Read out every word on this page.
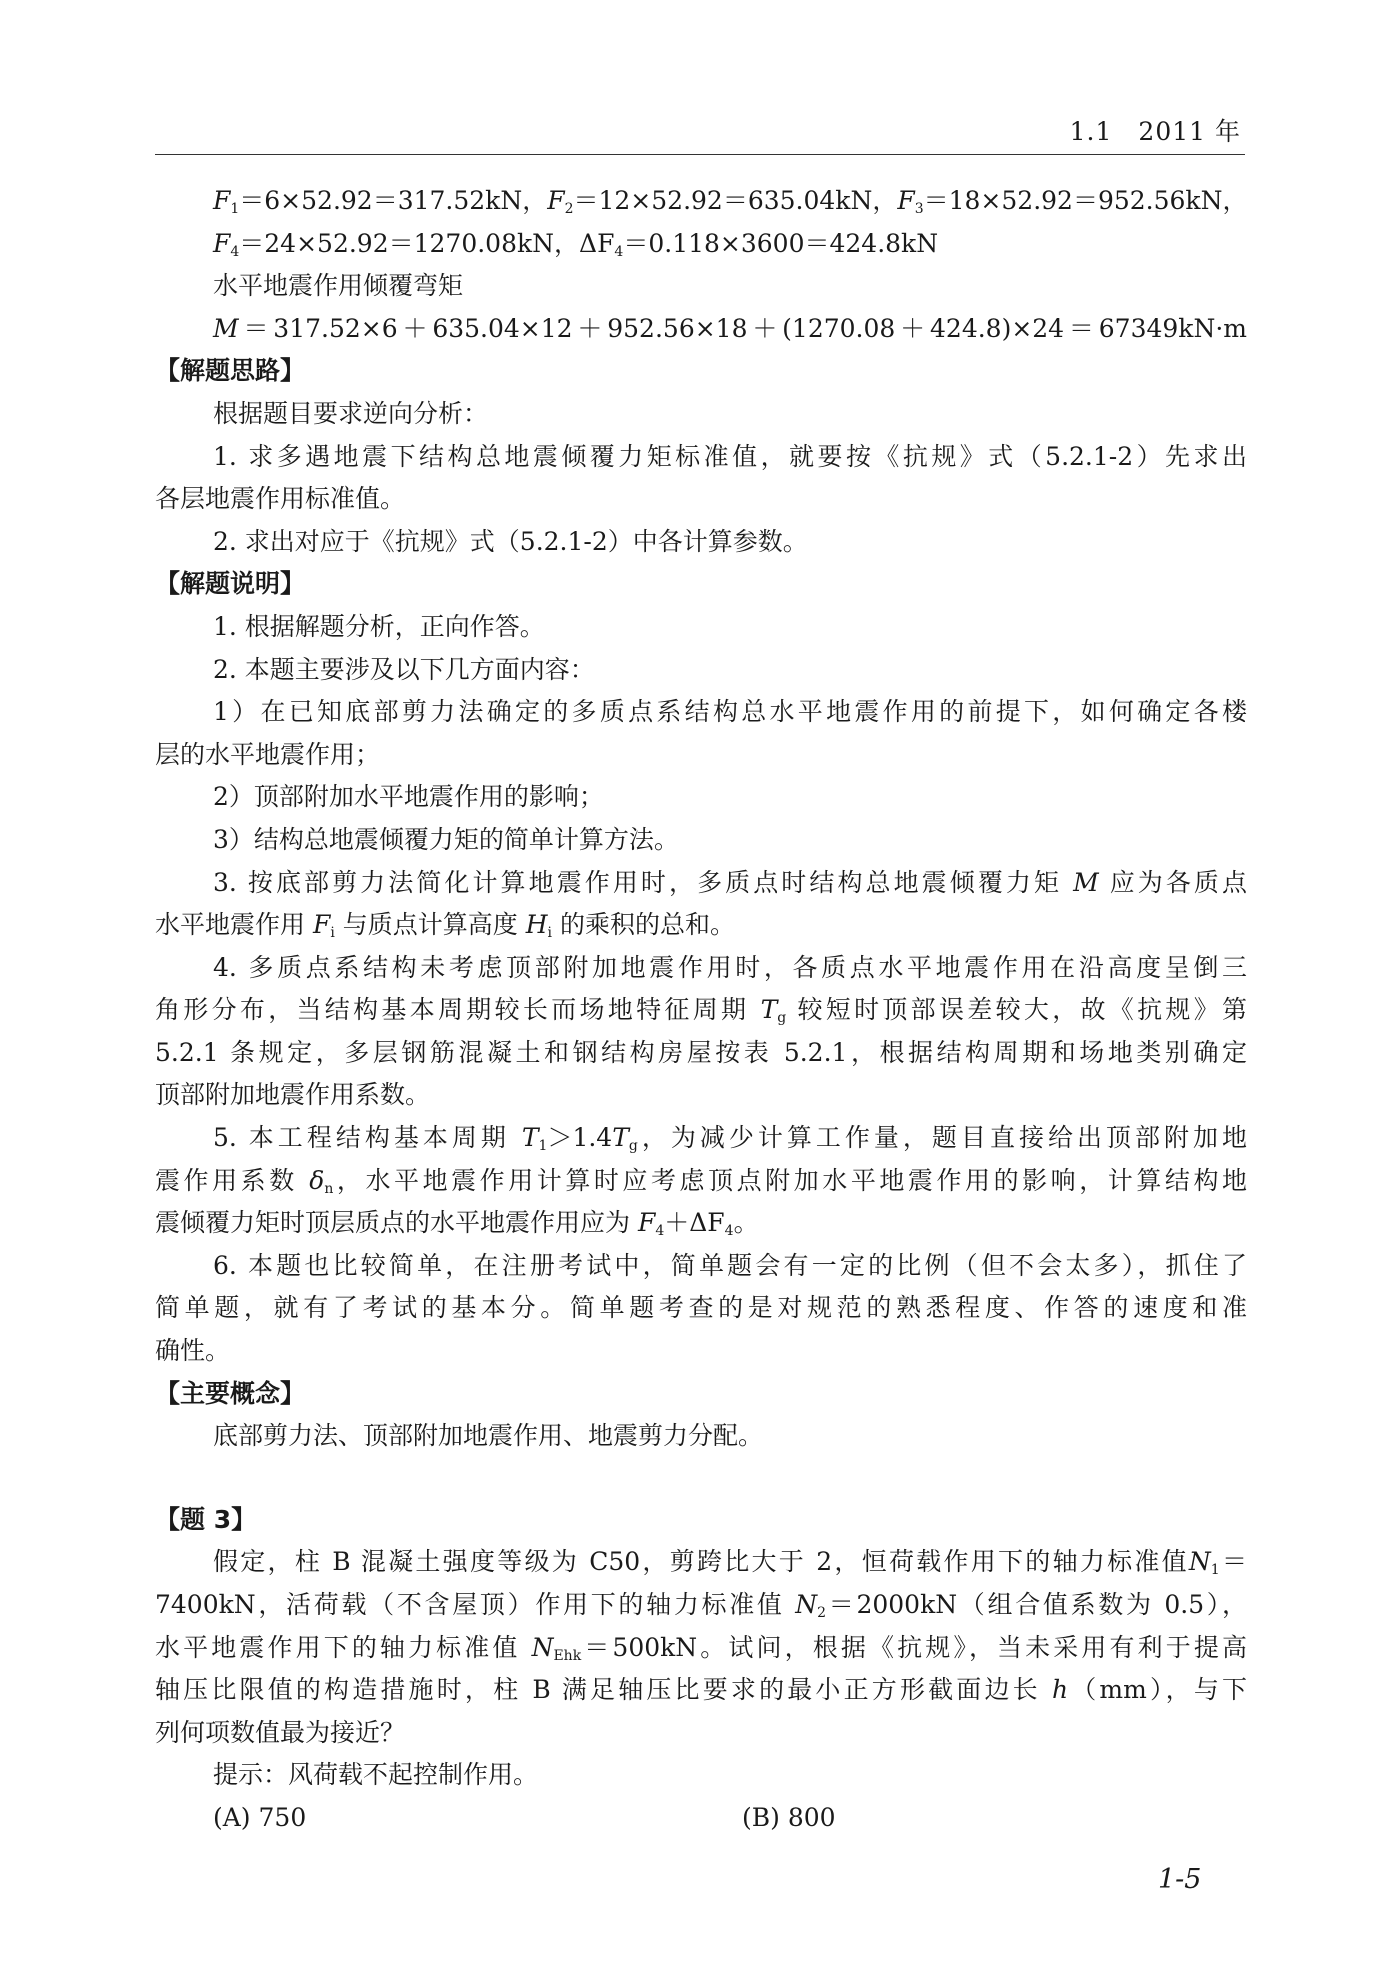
1.1　2011 年
$F_1=6\times 52.92=317.52kN$，$F_2=12\times 52.92=635.04kN$，$F_3=18\times 52.92=952.56kN$，
$F_4=24\times 52.92=1270.08kN$，$\Delta F_4=0.118\times 3600=424.8kN$
水平地震作用倾覆弯矩
M＝317.52×6＋635.04×12＋952.56×18＋(1270.08＋424.8)×24＝67349kN·m
【解题思路】
根据题目要求逆向分析：
1. 求多遇地震下结构总地震倾覆力矩标准值，就要按《抗规》式（5.2.1-2）先求出
各层地震作用标准值。
2. 求出对应于《抗规》式（5.2.1-2）中各计算参数。
【解题说明】
1. 根据解题分析，正向作答。
2. 本题主要涉及以下几方面内容：
1）在已知底部剪力法确定的多质点系结构总水平地震作用的前提下，如何确定各楼
层的水平地震作用；
2）顶部附加水平地震作用的影响；
3）结构总地震倾覆力矩的简单计算方法。
3. 按底部剪力法简化计算地震作用时，多质点时结构总地震倾覆力矩 M 应为各质点
水平地震作用 $F_i$ 与质点计算高度 $H_i$ 的乘积的总和。
4. 多质点系结构未考虑顶部附加地震作用时，各质点水平地震作用在沿高度呈倒三
角形分布，当结构基本周期较长而场地特征周期 $T_g$ 较短时顶部误差较大，故《抗规》第
5.2.1 条规定，多层钢筋混凝土和钢结构房屋按表 5.2.1，根据结构周期和场地类别确定
顶部附加地震作用系数。
5. 本工程结构基本周期 $T_1>1.4T_g$，为减少计算工作量，题目直接给出顶部附加地
震作用系数 $\delta_n$，水平地震作用计算时应考虑顶点附加水平地震作用的影响，计算结构地
震倾覆力矩时顶层质点的水平地震作用应为 $F_4+\Delta F_4$。
6. 本题也比较简单，在注册考试中，简单题会有一定的比例（但不会太多），抓住了
简单题，就有了考试的基本分。简单题考查的是对规范的熟悉程度、作答的速度和准
确性。
【主要概念】
底部剪力法、顶部附加地震作用、地震剪力分配。
【题 3】
假定，柱 B 混凝土强度等级为 C50，剪跨比大于 2，恒荷载作用下的轴力标准值$N_1=$
7400kN，活荷载（不含屋顶）作用下的轴力标准值 $N_2=2000kN$（组合值系数为 0.5），
水平地震作用下的轴力标准值 $N_{Ehk}=500kN$。试问，根据《抗规》，当未采用有利于提高
轴压比限值的构造措施时，柱 B 满足轴压比要求的最小正方形截面边长 h（mm），与下
列何项数值最为接近？
提示：风荷载不起控制作用。
(A) 750	(B) 800
1-5
